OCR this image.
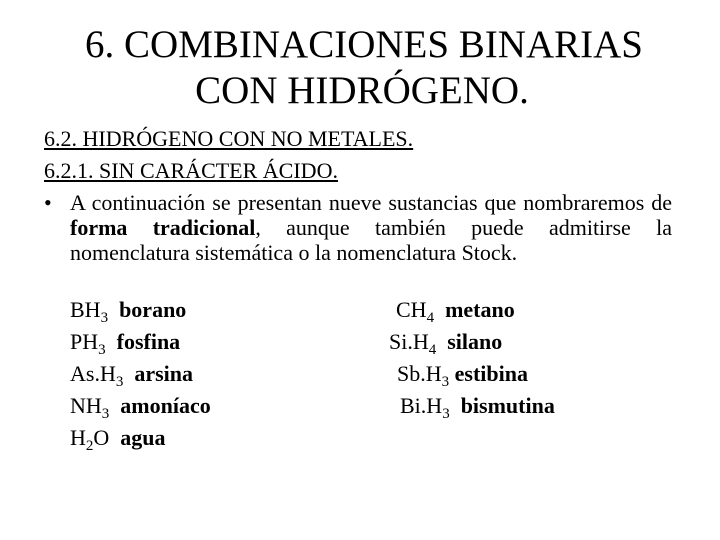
6. COMBINACIONES BINARIAS
CON HIDRÓGENO.
6.2. HIDRÓGENO CON NO METALES.
6.2.1. SIN CARÁCTER ÁCIDO.
• A continuación se presentan nueve sustancias que nombraremos de forma tradicional, aunque también puede admitirse la nomenclatura sistemática o la nomenclatura Stock.
$BH_3$ borano
$PH_3$ fosfina
$As.H_3$ arsina
$NH_3$ amoníaco
$H_2O$ agua
$CH_4$ metano
$Si.H_4$ silano
$Sb.H_3$ estibina
$Bi.H_3$ bismutina
